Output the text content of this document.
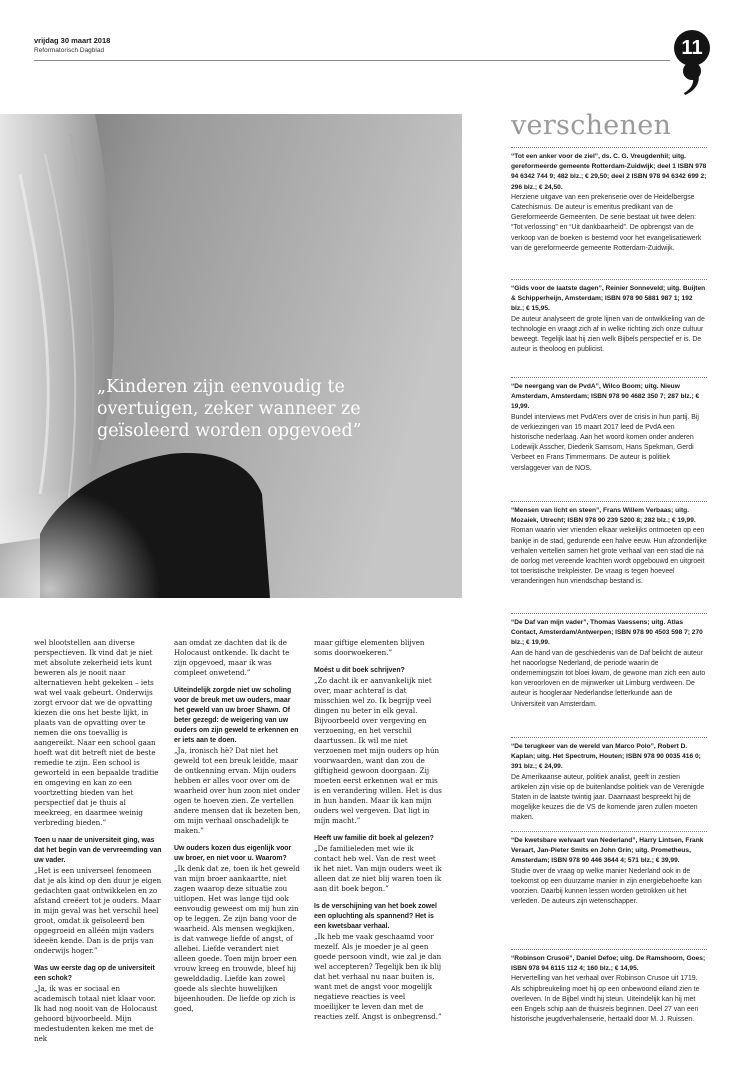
vrijdag 30 maart 2018
Reformatorisch Dagblad	11
„Kinderen zijn eenvoudig te overtuigen, zeker wanneer ze geïsoleerd worden opgevoed”
verschenen
“Tot een anker voor de ziel”, ds. C. G. Vreugdenhil; uitg. gereformeerde gemeente Rotterdam-Zuidwijk; deel 1 ISBN 978 94 6342 744 9; 482 blz.; € 29,50; deel 2 ISBN 978 94 6342 699 2; 296 blz.; € 24,50.
Herziene uitgave van een prekenserie over de Heidelbergse Catechismus. De auteur is emeritus predikant van de Gereformeerde Gemeenten. De serie bestaat uit twee delen: “Tot verlossing” en “Uit dankbaarheid”. De opbrengst van de verkoop van de boeken is bestemd voor het evangelisatiewerk van de gereformeerde gemeente Rotterdam-Zuidwijk.
“Gids voor de laatste dagen”, Reinier Sonneveld; uitg. Buijten & Schipperheijn, Amsterdam; ISBN 978 90 5881 987 1; 192 blz.; € 15,95.
De auteur analyseert de grote lijnen van de ontwikkeling van de technologie en vraagt zich af in welke richting zich onze cultuur beweegt. Tegelijk laat hij zien welk Bijbels perspectief er is. De auteur is theoloog en publicist.
“De neergang van de PvdA”, Wilco Boom; uitg. Nieuw Amsterdam, Amsterdam; ISBN 978 90 4682 350 7; 287 blz.; € 19,99.
Bundel interviews met PvdA’ers over de crisis in hun partij. Bij de verkiezingen van 15 maart 2017 leed de PvdA een historische nederlaag. Aan het woord komen onder anderen Lodewijk Asscher, Diederik Samsom, Hans Spekman, Gerdi Verbeet en Frans Timmermans. De auteur is politiek verslaggever van de NOS.
“Mensen van licht en steen”, Frans Willem Verbaas; uitg. Mozaiek, Utrecht; ISBN 978 90 239 5200 8; 282 blz.; € 19,99.
Roman waarin vier vrienden elkaar wekelijks ontmoeten op een bankje in de stad, gedurende een halve eeuw. Hun afzonderlijke verhalen vertellen samen het grote verhaal van een stad die na de oorlog met vereende krachten wordt opgebouwd en uitgroeit tot toeristische trekpleister. De vraag is tegen hoeveel veranderingen hun vriendschap bestand is.
“De Daf van mijn vader”, Thomas Vaessens; uitg. Atlas Contact, Amsterdam/Antwerpen; ISBN 978 90 4503 598 7; 270 blz.; € 19,99.
Aan de hand van de geschiedenis van de Daf belicht de auteur het naoorlogse Nederland, de periode waarin de ondernemingszin tot bloei kwam, de gewone man zich een auto kon veroorloven en de mijnwerker uit Limburg verdween. De auteur is hoogleraar Nederlandse letterkunde aan de Universiteit van Amsterdam.
“De terugkeer van de wereld van Marco Polo”, Robert D. Kaplan; uitg. Het Spectrum, Houten; ISBN 978 90 0035 416 0; 391 blz.; € 24,99.
De Amerikaanse auteur, politiek analist, geeft in zestien artikelen zijn visie op de buitenlandse politiek van de Verenigde Staten in de laatste twintig jaar. Daarnaast bespreekt hij de mogelijke keuzes die de VS de komende jaren zullen moeten maken.
“De kwetsbare welvaart van Nederland”, Harry Lintsen, Frank Veraart, Jan-Pieter Smits en John Grin; uitg. Prometheus, Amsterdam; ISBN 978 90 446 3644 4; 571 blz.; € 39,99.
Studie over de vraag op welke manier Nederland ook in de toekomst op een duurzame manier in zijn energiebehoefte kan voorzien. Daarbij kunnen lessen worden getrokken uit het verleden. De auteurs zijn wetenschapper.
“Robinson Crusoë”, Daniel Defoe; uitg. De Ramshoorn, Goes; ISBN 978 94 6115 112 4; 160 blz.; € 14,95.
Hervertelling van het verhaal over Robinson Crusoe uit 1719. Als schipbreukeling moet hij op een onbewoond eiland zien te overleven. In de Bijbel vindt hij steun. Uiteindelijk kan hij met een Engels schip aan de thuisreis beginnen. Deel 27 van een historische jeugdverhalenserie, hertaald door M. J. Ruissen.

wel blootstellen aan diverse perspectieven. Ik vind dat je niet met absolute zekerheid iets kunt beweren als je nooit naar alternatieven hebt gekeken – iets wat wel vaak gebeurt. Onderwijs zorgt ervoor dat we de opvatting kiezen die ons het beste lijkt, in plaats van de opvatting over te nemen die ons toevallig is aangereikt. Naar een school gaan hoeft wat dit betreft niet de beste remedie te zijn. Een school is geworteld in een bepaalde traditie en omgeving en kan zo een voortzetting bieden van het perspectief dat je thuis al meekreeg, en daarmee weinig verbreding bieden.”

Toen u naar de universiteit ging, was dat het begin van de vervreemding van uw vader.

„Het is een universeel fenomeen dat je als kind op den duur je eigen gedachten gaat ontwikkelen en zo afstand creëert tot je ouders. Maar in mijn geval was het verschil heel groot, omdat ik geïsoleerd ben opgegroeid en alléén mijn vaders ideeën kende. Dan is de prijs van onderwijs hoger.”

Was uw eerste dag op de universiteit een schok?

„Ja, ik was er sociaal en academisch totaal niet klaar voor. Ik had nog nooit van de Holocaust gehoord bijvoorbeeld. Mijn medestudenten keken me met de nek

aan omdat ze dachten dat ik de Holocaust ontkende. Ik dacht te zijn opgevoed, maar ik was compleet onwetend.”

Uiteindelijk zorgde niet uw scholing voor de breuk met uw ouders, maar het geweld van uw broer Shawn. Of beter gezegd: de weigering van uw ouders om zijn geweld te erkennen en er iets aan te doen.

„Ja, ironisch hè? Dat niet het geweld tot een breuk leidde, maar de ontkenning ervan. Mijn ouders hebben er alles voor over om de waarheid over hun zoon niet onder ogen te hoeven zien. Ze vertellen andere mensen dat ik bezeten ben, om mijn verhaal onschadelijk te maken.”

Uw ouders kozen dus eigenlijk voor uw broer, en niet voor u. Waarom?

„Ik denk dat ze, toen ik het geweld van mijn broer aankaartte, niet zagen waarop deze situatie zou uitlopen. Het was lange tijd ook eenvoudig geweest om mij hun zin op te leggen. Ze zijn bang voor de waarheid. Als mensen wegkijken, is dat vanwege liefde of angst, of allebei. Liefde verandert niet alleen goede. Toen mijn broer een vrouw kreeg en trouwde, bleef hij gewelddadig. Liefde kan zowel goede als slechte huwelijken bijeenhouden. De liefde op zich is goed,

maar giftige elementen blijven soms doorwoekeren.”

Moést u dit boek schrijven?

„Zo dacht ik er aanvankelijk niet over, maar achteraf is dat misschien wel zo. Ik begrijp veel dingen nu beter in elk geval. Bijvoorbeeld over vergeving en verzoening, en het verschil daartussen. Ik wil me niet verzoenen met mijn ouders op hún voorwaarden, want dan zou de giftigheid gewoon doorgaan. Zij moeten eerst erkennen wat er mis is en verandering willen. Het is dus in hun handen. Maar ik kan mijn ouders wel vergeven. Dat ligt in míjn macht.”

Heeft uw familie dit boek al gelezen?

„De familieleden met wie ik contact heb wel. Van de rest weet ik het niet. Van mijn ouders weet ik alleen dat ze niet blij waren toen ik aan dit boek begon.”

Is de verschijning van het boek zowel een opluchting als spannend? Het is een kwetsbaar verhaal.

„Ik heb me vaak geschaamd voor mezelf. Als je moeder je al geen goede persoon vindt, wie zal je dan wel accepteren? Tegelijk ben ik blij dat het verhaal nu naar buiten is, want met de angst voor mogelijk negatieve reacties is veel moeilijker te leven dan met de reacties zelf. Angst is onbegrensd.”
